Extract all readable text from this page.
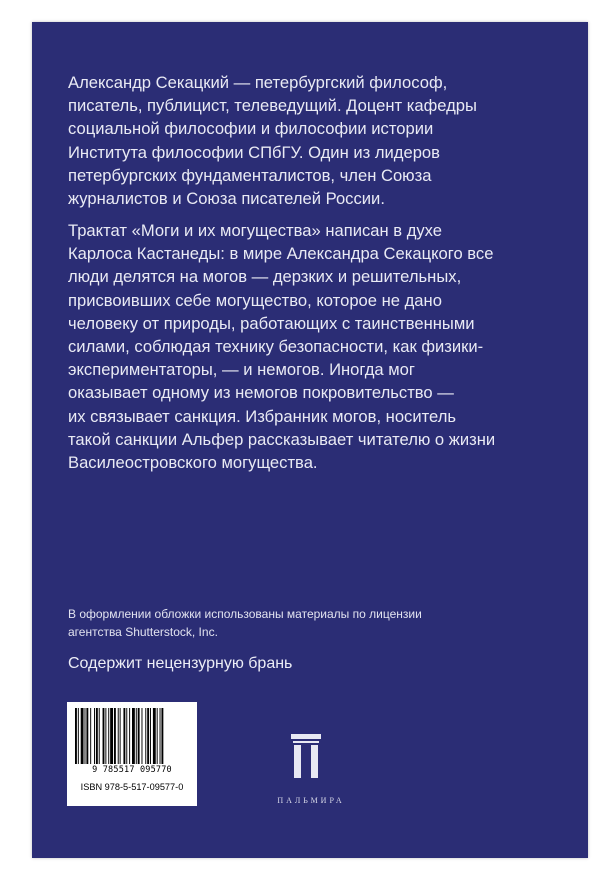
Александр Секацкий — петербургский философ,
писатель, публицист, телеведущий. Доцент кафедры
социальной философии и философии истории
Института философии СПбГУ. Один из лидеров
петербургских фундаменталистов, член Союза
журналистов и Союза писателей России.

Трактат «Моги и их могущества» написан в духе
Карлоса Кастанеды: в мире Александра Секацкого все
люди делятся на могов — дерзких и решительных,
присвоивших себе могущество, которое не дано
человеку от природы, работающих с таинственными
силами, соблюдая технику безопасности, как физики-
экспериментаторы, — и немогов. Иногда мог
оказывает одному из немогов покровительство —
их связывает санкция. Избранник могов, носитель
такой санкции Альфер рассказывает читателю о жизни
Василеостровского могущества.

В оформлении обложки использованы материалы по лицензии
агентства Shutterstock, Inc.
Содержит нецензурную брань
9 785517 095770
ISBN 978-5-517-09577-0
ПАЛЬМИРА
